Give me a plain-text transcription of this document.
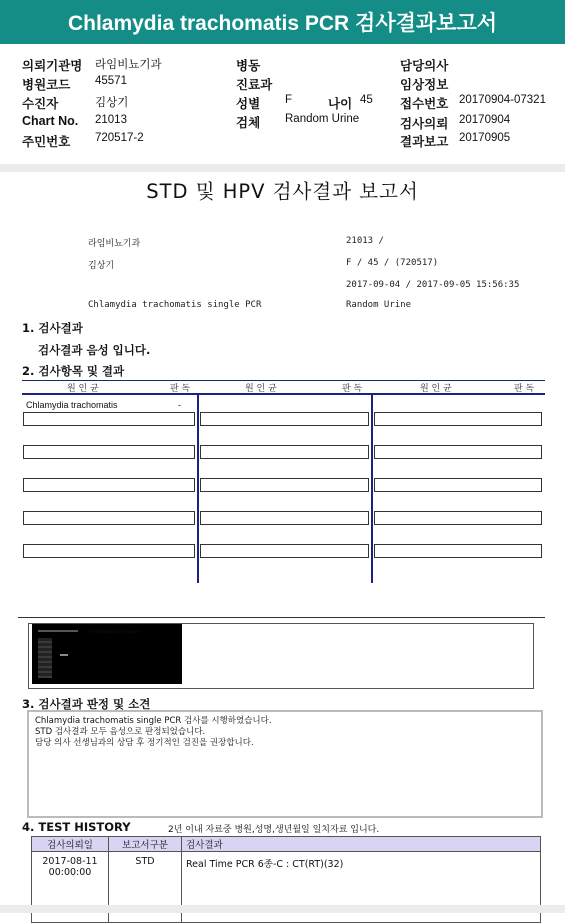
Chlamydia trachomatis PCR 검사결과보고서
의뢰기관명 라임비뇨기과
병원코드 45571
수진자	김상기
Chart No. 21013
주민번호 720517-2
병동
진료과
성별 F	나이 45
검체 Random Urine
담당의사
임상정보
접수번호 20170904-07321
검사의뢰 20170904
결과보고 20170905
STD 및 HPV 검사결과 보고서
라임비뇨기과	21013 /
김상기	F / 45 / (720517)
2017-09-04 / 2017-09-05 15:56:35
Chlamydia trachomatis single PCR	Random Urine
1. 검사결과
검사결과 음성 입니다.
2. 검사항목 및 결과
원 인 균	판 독	원 인 균	판 독	원 인 균	판 독
Chlamydia trachomatis	-
<STD Negative image>
3. 검사결과 판정 및 소견
Chlamydia trachomatis single PCR 검사를 시행하였습니다.
STD 검사결과 모두 음성으로 판정되었습니다.
담당 의사 선생님과의 상담 후 정기적인 검진을 권장합니다.
4. TEST HISTORY	2년 이내 자료중 병원,성명,생년월일 일치자료 입니다.
검사의뢰일	보고서구분	검사결과

2017-08-11
00:00:00	STD	Real Time PCR 6종-C : CT(RT)(32)
